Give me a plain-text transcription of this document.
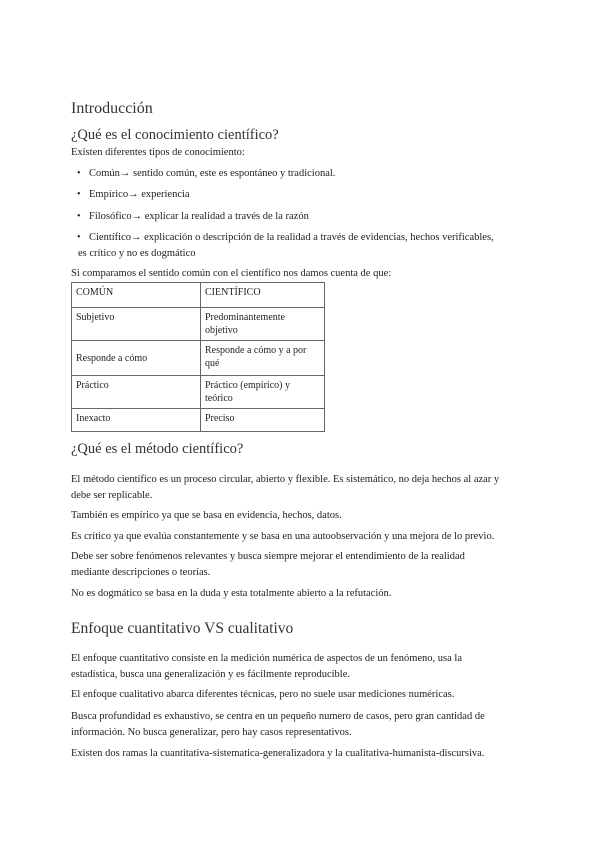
Introducción
¿Qué es el conocimiento científico?
Existen diferentes tipos de conocimiento:
• Común→ sentido común, este es espontáneo y tradicional.
• Empírico→ experiencia
• Filosófico→ explicar la realidad a través de la razón
• Científico→ explicación o descripción de la realidad a través de evidencias, hechos verificables,
es crítico y no es dogmático
Si comparamos el sentido común con el científico nos damos cuenta de que:
COMÚN	CIENTÍFICO
Subjetivo	Predominantemente objetivo
Responde a cómo	Responde a cómo y a por qué
Práctico	Práctico (empírico) y teórico
Inexacto	Preciso
¿Qué es el método científico?
El método científico es un proceso circular, abierto y flexible. Es sistemático, no deja hechos al azar y
debe ser replicable.
También es empírico ya que se basa en evidencia, hechos, datos.
Es crítico ya que evalúa constantemente y se basa en una autoobservación y una mejora de lo previo.
Debe ser sobre fenómenos relevantes y busca siempre mejorar el entendimiento de la realidad
mediante descripciones o teorías.
No es dogmático se basa en la duda y esta totalmente abierto a la refutación.
Enfoque cuantitativo VS cualitativo
El enfoque cuantitativo consiste en la medición numérica de aspectos de un fenómeno, usa la
estadística, busca una generalización y es fácilmente reproducible.
El enfoque cualitativo abarca diferentes técnicas, pero no suele usar mediciones numéricas.
Busca profundidad es exhaustivo, se centra en un pequeño numero de casos, pero gran cantidad de
información. No busca generalizar, pero hay casos representativos.
Existen dos ramas la cuantitativa-sistematica-generalizadora y la cualitativa-humanista-discursiva.
